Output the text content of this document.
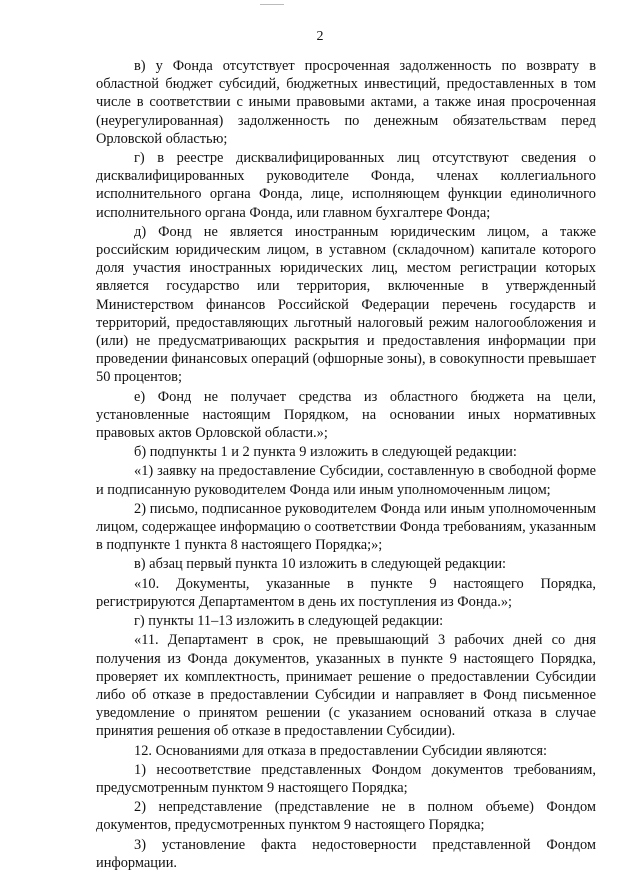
2

в) у Фонда отсутствует просроченная задолженность по возврату в областной бюджет субсидий, бюджетных инвестиций, предоставленных в том числе в соответствии с иными правовыми актами, а также иная просроченная (неурегулированная) задолженность по денежным обязательствам перед Орловской областью;

г) в реестре дисквалифицированных лиц отсутствуют сведения о дисквалифицированных руководителе Фонда, членах коллегиального исполнительного органа Фонда, лице, исполняющем функции единоличного исполнительного органа Фонда, или главном бухгалтере Фонда;

д) Фонд не является иностранным юридическим лицом, а также российским юридическим лицом, в уставном (складочном) капитале которого доля участия иностранных юридических лиц, местом регистрации которых является государство или территория, включенные в утвержденный Министерством финансов Российской Федерации перечень государств и территорий, предоставляющих льготный налоговый режим налогообложения и (или) не предусматривающих раскрытия и предоставления информации при проведении финансовых операций (офшорные зоны), в совокупности превышает 50 процентов;

е) Фонд не получает средства из областного бюджета на цели, установленные настоящим Порядком, на основании иных нормативных правовых актов Орловской области.»;

б) подпункты 1 и 2 пункта 9 изложить в следующей редакции:

«1) заявку на предоставление Субсидии, составленную в свободной форме и подписанную руководителем Фонда или иным уполномоченным лицом;

2) письмо, подписанное руководителем Фонда или иным уполномоченным лицом, содержащее информацию о соответствии Фонда требованиям, указанным в подпункте 1 пункта 8 настоящего Порядка;»;

в) абзац первый пункта 10 изложить в следующей редакции:

«10. Документы, указанные в пункте 9 настоящего Порядка, регистрируются Департаментом в день их поступления из Фонда.»;

г) пункты 11–13 изложить в следующей редакции:

«11. Департамент в срок, не превышающий 3 рабочих дней со дня получения из Фонда документов, указанных в пункте 9 настоящего Порядка, проверяет их комплектность, принимает решение о предоставлении Субсидии либо об отказе в предоставлении Субсидии и направляет в Фонд письменное уведомление о принятом решении (с указанием оснований отказа в случае принятия решения об отказе в предоставлении Субсидии).

12. Основаниями для отказа в предоставлении Субсидии являются:

1) несоответствие представленных Фондом документов требованиям, предусмотренным пунктом 9 настоящего Порядка;

2) непредставление (представление не в полном объеме) Фондом документов, предусмотренных пунктом 9 настоящего Порядка;

3) установление факта недостоверности представленной Фондом информации.
